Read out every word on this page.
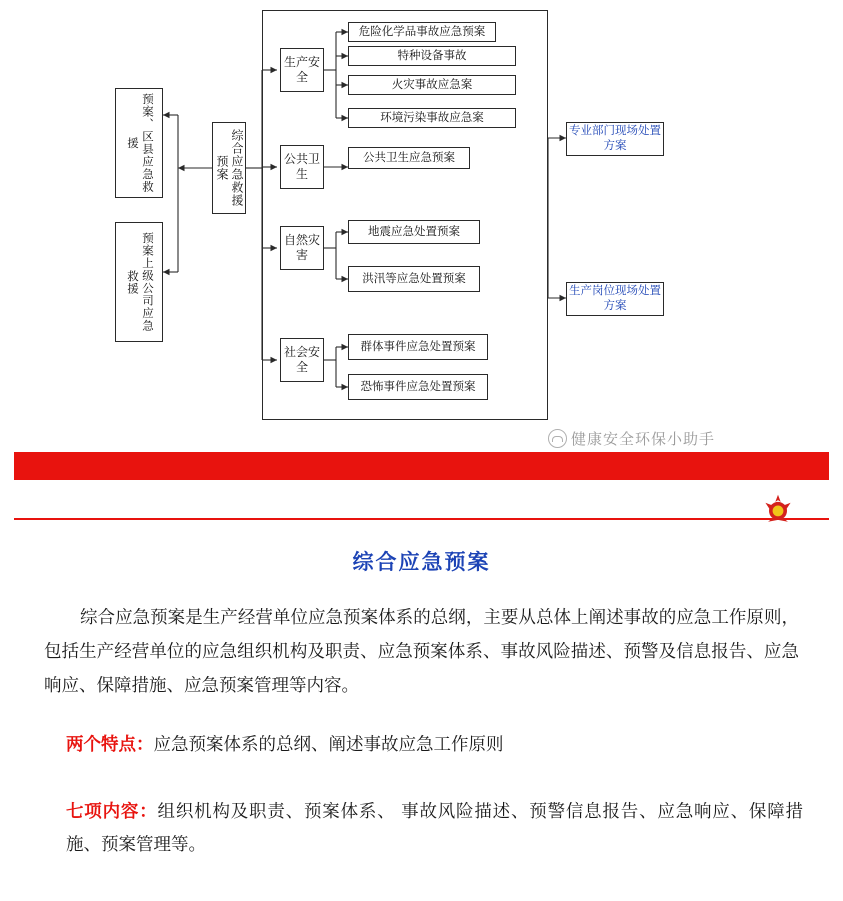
预案、区县应急救援
预案上级公司应急救援
综合应急救援预案
生产安全
公共卫生
自然灾害
社会安全
危险化学品事故应急预案
特种设备事故
火灾事故应急案
环境污染事故应急案
公共卫生应急预案
地震应急处置预案
洪汛等应急处置预案
群体事件应急处置预案
恐怖事件应急处置预案
专业部门现场处置方案
生产岗位现场处置方案
健康安全环保小助手
综合应急预案
综合应急预案是生产经营单位应急预案体系的总纲，主要从总体上阐述事故的应急工作原则，包括生产经营单位的应急组织机构及职责、应急预案体系、事故风险描述、预警及信息报告、应急响应、保障措施、应急预案管理等内容。
两个特点：应急预案体系的总纲、阐述事故应急工作原则
七项内容：组织机构及职责、预案体系、 事故风险描述、预警信息报告、应急响应、保障措施、预案管理等。
